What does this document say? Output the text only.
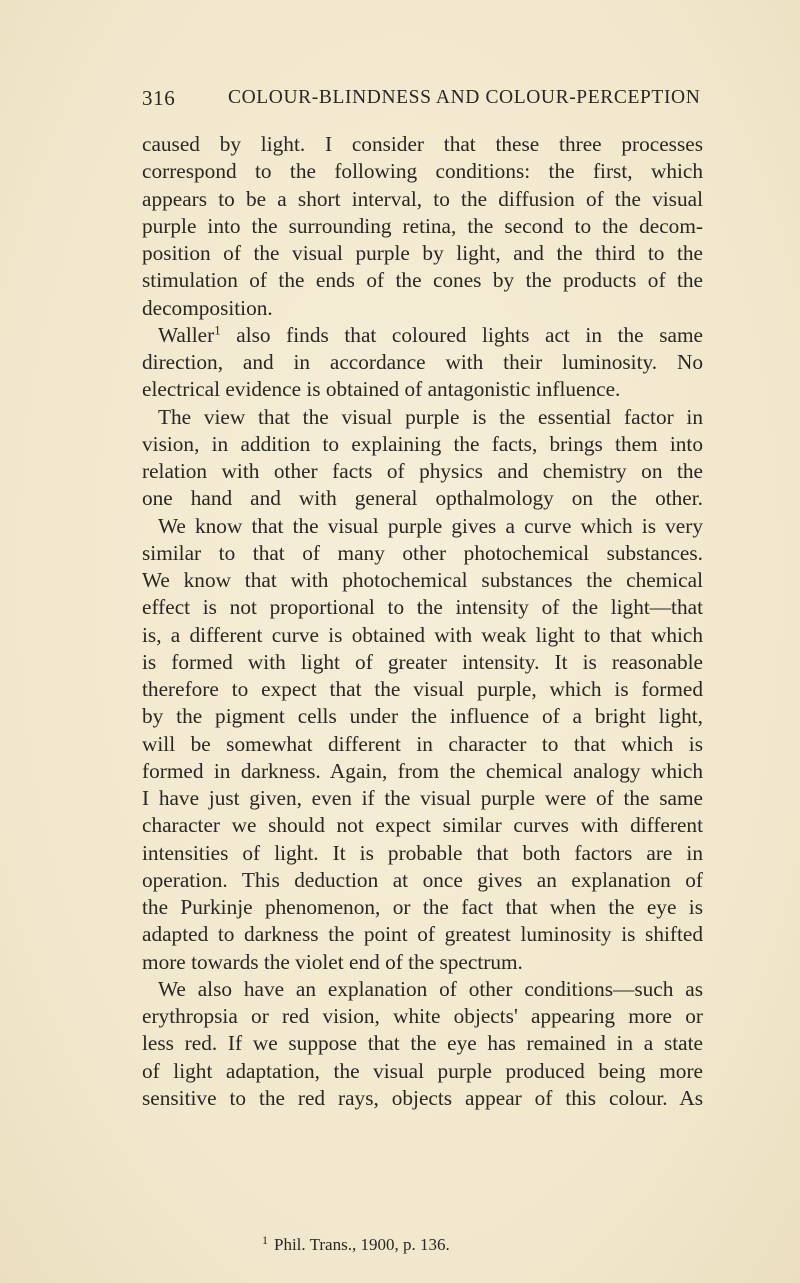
316	COLOUR-BLINDNESS AND COLOUR-PERCEPTION
caused by light. I consider that these three processes
correspond to the following conditions: the first, which
appears to be a short interval, to the diffusion of the visual
purple into the surrounding retina, the second to the decom-
position of the visual purple by light, and the third to the
stimulation of the ends of the cones by the products of the
decomposition.
Waller$^1$ also finds that coloured lights act in the same
direction, and in accordance with their luminosity. No
electrical evidence is obtained of antagonistic influence.
The view that the visual purple is the essential factor in
vision, in addition to explaining the facts, brings them into
relation with other facts of physics and chemistry on the
one hand and with general opthalmology on the other.
We know that the visual purple gives a curve which is very
similar to that of many other photochemical substances.
We know that with photochemical substances the chemical
effect is not proportional to the intensity of the light—that
is, a different curve is obtained with weak light to that which
is formed with light of greater intensity. It is reasonable
therefore to expect that the visual purple, which is formed
by the pigment cells under the influence of a bright light,
will be somewhat different in character to that which is
formed in darkness. Again, from the chemical analogy which
I have just given, even if the visual purple were of the same
character we should not expect similar curves with different
intensities of light. It is probable that both factors are in
operation. This deduction at once gives an explanation of
the Purkinje phenomenon, or the fact that when the eye is
adapted to darkness the point of greatest luminosity is shifted
more towards the violet end of the spectrum.
We also have an explanation of other conditions—such as
erythropsia or red vision, white objects' appearing more or
less red. If we suppose that the eye has remained in a state
of light adaptation, the visual purple produced being more
sensitive to the red rays, objects appear of this colour. As
$^1$ Phil. Trans., 1900, p. 136.
